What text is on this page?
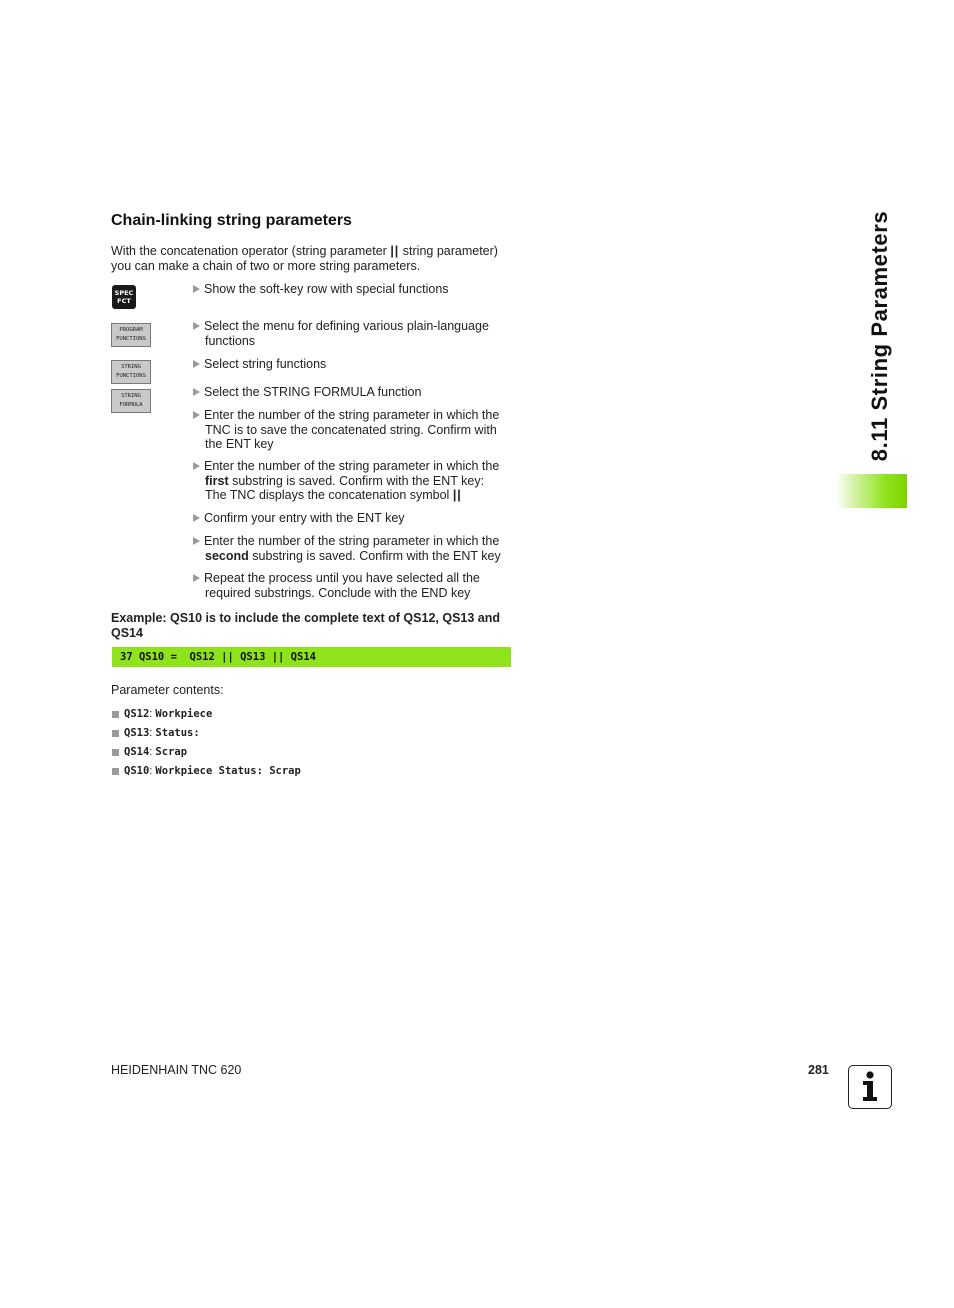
Chain-linking string parameters

With the concatenation operator (string parameter || string parameter) you can make a chain of two or more string parameters.

SPEC
FCT
PROGRAM
FUNCTIONS
STRING
FUNCTIONS
STRING
FORMULA
Show the soft-key row with special functions
Select the menu for defining various plain-language
functions
Select string functions
Select the STRING FORMULA function
Enter the number of the string parameter in which the
TNC is to save the concatenated string. Confirm with
the ENT key
Enter the number of the string parameter in which the
first substring is saved. Confirm with the ENT key:
The TNC displays the concatenation symbol ||
Confirm your entry with the ENT key
Enter the number of the string parameter in which the
second substring is saved. Confirm with the ENT key
Repeat the process until you have selected all the
required substrings. Conclude with the END key
Example: QS10 is to include the complete text of QS12, QS13 and QS14
37 QS10 =  QS12 || QS13 || QS14
Parameter contents:
QS12: Workpiece
QS13: Status:
QS14: Scrap
QS10: Workpiece Status: Scrap
8.11 String Parameters
HEIDENHAIN TNC 620	281
